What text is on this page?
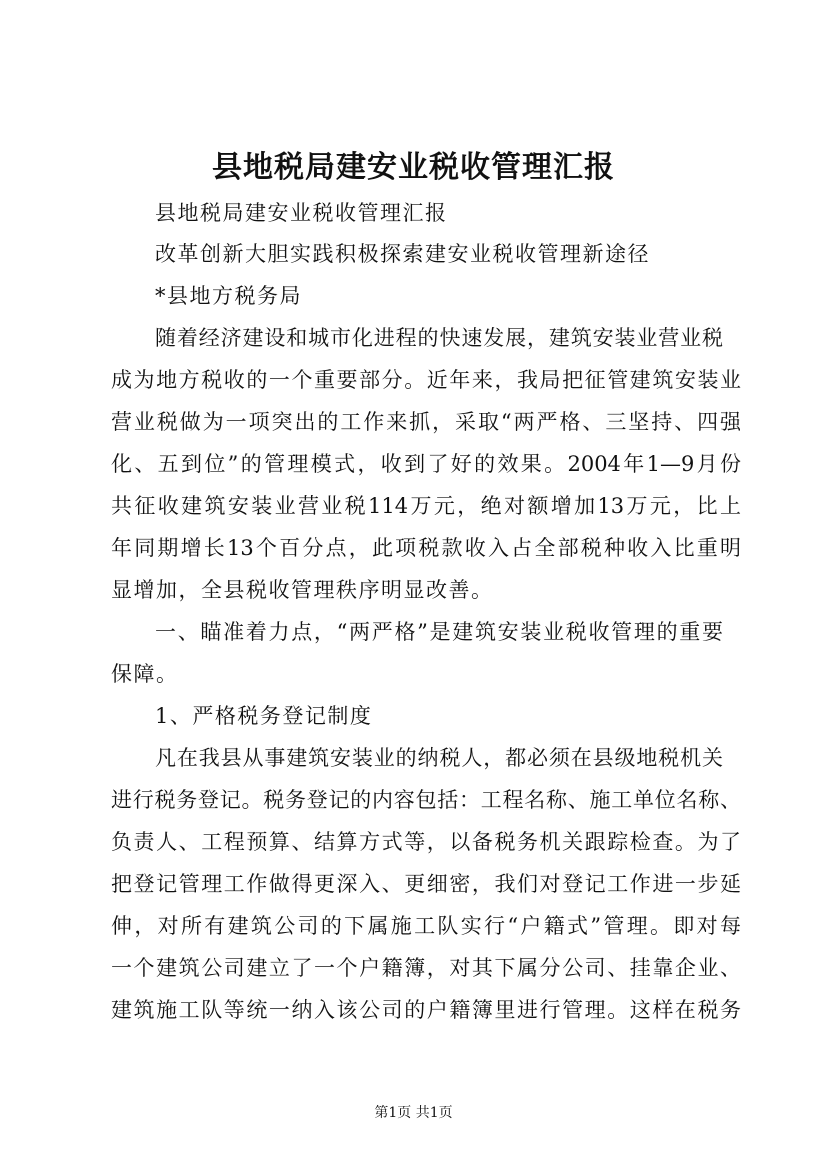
县地税局建安业税收管理汇报
县地税局建安业税收管理汇报
改革创新大胆实践积极探索建安业税收管理新途径
*县地方税务局
随着经济建设和城市化进程的快速发展，建筑安装业营业税
成为地方税收的一个重要部分。近年来，我局把征管建筑安装业
营业税做为一项突出的工作来抓，采取“两严格、三坚持、四强
化、五到位”的管理模式，收到了好的效果。2004年1—9月份
共征收建筑安装业营业税114万元，绝对额增加13万元，比上
年同期增长13个百分点，此项税款收入占全部税种收入比重明
显增加，全县税收管理秩序明显改善。
一、瞄准着力点，“两严格”是建筑安装业税收管理的重要
保障。
1、严格税务登记制度
凡在我县从事建筑安装业的纳税人，都必须在县级地税机关
进行税务登记。税务登记的内容包括：工程名称、施工单位名称、
负责人、工程预算、结算方式等，以备税务机关跟踪检查。为了
把登记管理工作做得更深入、更细密，我们对登记工作进一步延
伸，对所有建筑公司的下属施工队实行“户籍式”管理。即对每
一个建筑公司建立了一个户籍簿，对其下属分公司、挂靠企业、
建筑施工队等统一纳入该公司的户籍簿里进行管理。这样在税务
第1页 共1页
